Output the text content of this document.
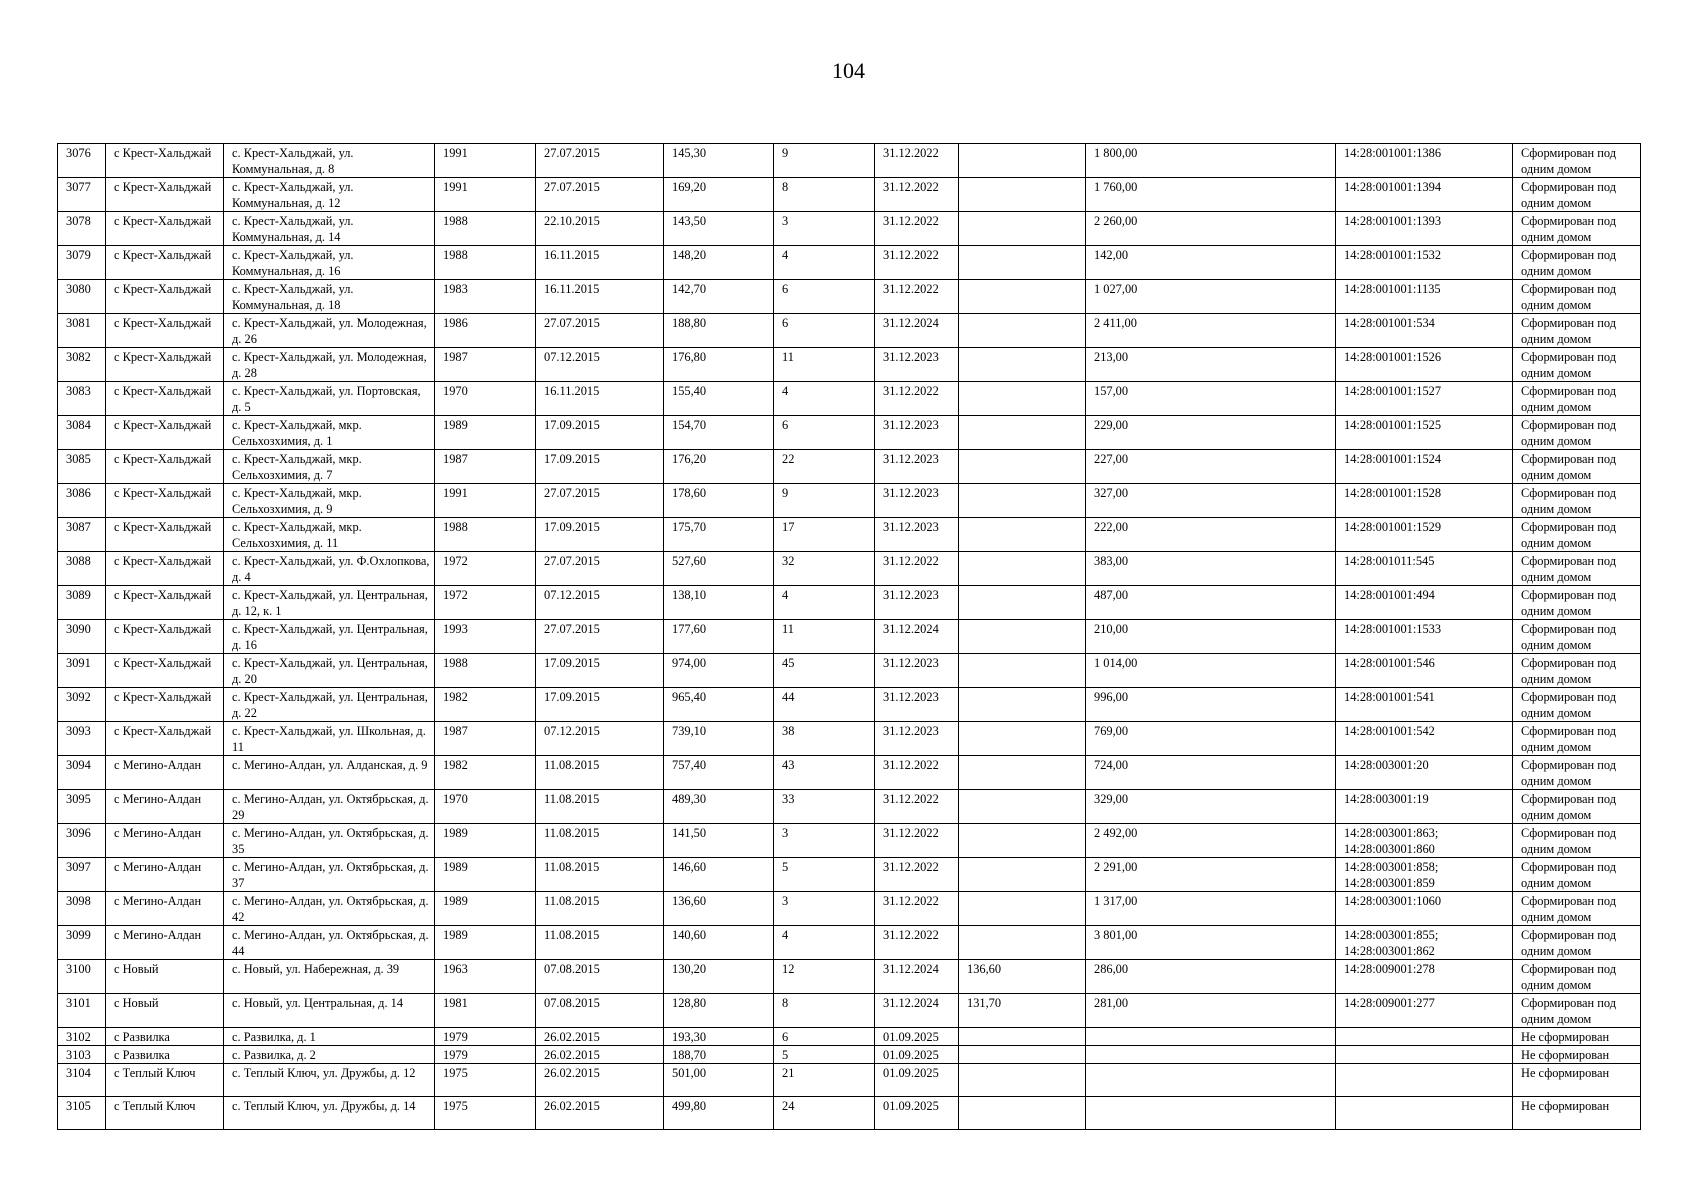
104
3076	с Крест-Хальджай	с. Крест-Хальджай, ул. Коммунальная, д. 8	1991	27.07.2015	145,30	9	31.12.2022		1 800,00	14:28:001001:1386	Сформирован под одним домом
3077	с Крест-Хальджай	с. Крест-Хальджай, ул. Коммунальная, д. 12	1991	27.07.2015	169,20	8	31.12.2022		1 760,00	14:28:001001:1394	Сформирован под одним домом
3078	с Крест-Хальджай	с. Крест-Хальджай, ул. Коммунальная, д. 14	1988	22.10.2015	143,50	3	31.12.2022		2 260,00	14:28:001001:1393	Сформирован под одним домом
3079	с Крест-Хальджай	с. Крест-Хальджай, ул. Коммунальная, д. 16	1988	16.11.2015	148,20	4	31.12.2022		142,00	14:28:001001:1532	Сформирован под одним домом
3080	с Крест-Хальджай	с. Крест-Хальджай, ул. Коммунальная, д. 18	1983	16.11.2015	142,70	6	31.12.2022		1 027,00	14:28:001001:1135	Сформирован под одним домом
3081	с Крест-Хальджай	с. Крест-Хальджай, ул. Молодежная, д. 26	1986	27.07.2015	188,80	6	31.12.2024		2 411,00	14:28:001001:534	Сформирован под одним домом
3082	с Крест-Хальджай	с. Крест-Хальджай, ул. Молодежная, д. 28	1987	07.12.2015	176,80	11	31.12.2023		213,00	14:28:001001:1526	Сформирован под одним домом
3083	с Крест-Хальджай	с. Крест-Хальджай, ул. Портовская, д. 5	1970	16.11.2015	155,40	4	31.12.2022		157,00	14:28:001001:1527	Сформирован под одним домом
3084	с Крест-Хальджай	с. Крест-Хальджай, мкр. Сельхозхимия, д. 1	1989	17.09.2015	154,70	6	31.12.2023		229,00	14:28:001001:1525	Сформирован под одним домом
3085	с Крест-Хальджай	с. Крест-Хальджай, мкр. Сельхозхимия, д. 7	1987	17.09.2015	176,20	22	31.12.2023		227,00	14:28:001001:1524	Сформирован под одним домом
3086	с Крест-Хальджай	с. Крест-Хальджай, мкр. Сельхозхимия, д. 9	1991	27.07.2015	178,60	9	31.12.2023		327,00	14:28:001001:1528	Сформирован под одним домом
3087	с Крест-Хальджай	с. Крест-Хальджай, мкр. Сельхозхимия, д. 11	1988	17.09.2015	175,70	17	31.12.2023		222,00	14:28:001001:1529	Сформирован под одним домом
3088	с Крест-Хальджай	с. Крест-Хальджай, ул. Ф.Охлопкова, д. 4	1972	27.07.2015	527,60	32	31.12.2022		383,00	14:28:001011:545	Сформирован под одним домом
3089	с Крест-Хальджай	с. Крест-Хальджай, ул. Центральная, д. 12, к. 1	1972	07.12.2015	138,10	4	31.12.2023		487,00	14:28:001001:494	Сформирован под одним домом
3090	с Крест-Хальджай	с. Крест-Хальджай, ул. Центральная, д. 16	1993	27.07.2015	177,60	11	31.12.2024		210,00	14:28:001001:1533	Сформирован под одним домом
3091	с Крест-Хальджай	с. Крест-Хальджай, ул. Центральная, д. 20	1988	17.09.2015	974,00	45	31.12.2023		1 014,00	14:28:001001:546	Сформирован под одним домом
3092	с Крест-Хальджай	с. Крест-Хальджай, ул. Центральная, д. 22	1982	17.09.2015	965,40	44	31.12.2023		996,00	14:28:001001:541	Сформирован под одним домом
3093	с Крест-Хальджай	с. Крест-Хальджай, ул. Школьная, д. 11	1987	07.12.2015	739,10	38	31.12.2023		769,00	14:28:001001:542	Сформирован под одним домом
3094	с Мегино-Алдан	с. Мегино-Алдан, ул. Алданская, д. 9	1982	11.08.2015	757,40	43	31.12.2022		724,00	14:28:003001:20	Сформирован под одним домом
3095	с Мегино-Алдан	с. Мегино-Алдан, ул. Октябрьская, д. 29	1970	11.08.2015	489,30	33	31.12.2022		329,00	14:28:003001:19	Сформирован под одним домом
3096	с Мегино-Алдан	с. Мегино-Алдан, ул. Октябрьская, д. 35	1989	11.08.2015	141,50	3	31.12.2022		2 492,00	14:28:003001:863; 14:28:003001:860	Сформирован под одним домом
3097	с Мегино-Алдан	с. Мегино-Алдан, ул. Октябрьская, д. 37	1989	11.08.2015	146,60	5	31.12.2022		2 291,00	14:28:003001:858; 14:28:003001:859	Сформирован под одним домом
3098	с Мегино-Алдан	с. Мегино-Алдан, ул. Октябрьская, д. 42	1989	11.08.2015	136,60	3	31.12.2022		1 317,00	14:28:003001:1060	Сформирован под одним домом
3099	с Мегино-Алдан	с. Мегино-Алдан, ул. Октябрьская, д. 44	1989	11.08.2015	140,60	4	31.12.2022		3 801,00	14:28:003001:855; 14:28:003001:862	Сформирован под одним домом
3100	с Новый	с. Новый, ул. Набережная, д. 39	1963	07.08.2015	130,20	12	31.12.2024	136,60	286,00	14:28:009001:278	Сформирован под одним домом
3101	с Новый	с. Новый, ул. Центральная, д. 14	1981	07.08.2015	128,80	8	31.12.2024	131,70	281,00	14:28:009001:277	Сформирован под одним домом
3102	с Развилка	с. Развилка, д. 1	1979	26.02.2015	193,30	6	01.09.2025				Не сформирован
3103	с Развилка	с. Развилка, д. 2	1979	26.02.2015	188,70	5	01.09.2025				Не сформирован
3104	с Теплый Ключ	с. Теплый Ключ, ул. Дружбы, д. 12	1975	26.02.2015	501,00	21	01.09.2025				Не сформирован
3105	с Теплый Ключ	с. Теплый Ключ, ул. Дружбы, д. 14	1975	26.02.2015	499,80	24	01.09.2025				Не сформирован
